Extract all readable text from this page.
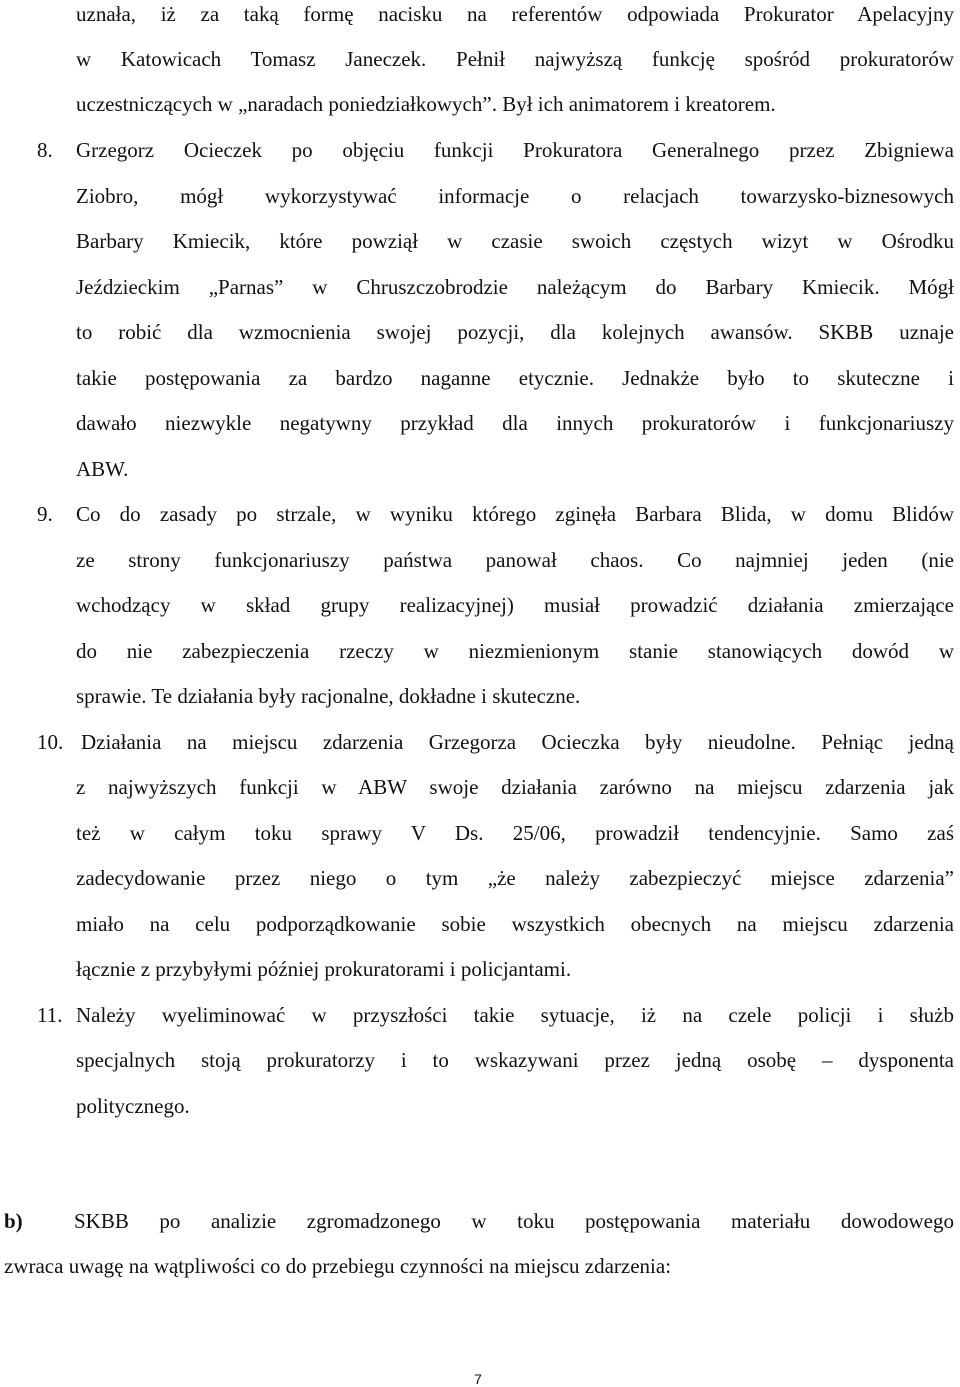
uznała, iż za taką formę nacisku na referentów odpowiada Prokurator Apelacyjny
w Katowicach Tomasz Janeczek. Pełnił najwyższą funkcję spośród prokuratorów
uczestniczących w „naradach poniedziałkowych”. Był ich animatorem i kreatorem.
8. Grzegorz Ocieczek po objęciu funkcji Prokuratora Generalnego przez Zbigniewa
Ziobro, mógł wykorzystywać informacje o relacjach towarzysko-biznesowych
Barbary Kmiecik, które powziął w czasie swoich częstych wizyt w Ośrodku
Jeździeckim „Parnas” w Chruszczobrodzie należącym do Barbary Kmiecik. Mógł
to robić dla wzmocnienia swojej pozycji, dla kolejnych awansów. SKBB uznaje
takie postępowania za bardzo naganne etycznie. Jednakże było to skuteczne i
dawało niezwykle negatywny przykład dla innych prokuratorów i funkcjonariuszy
ABW.
9. Co do zasady po strzale, w wyniku którego zginęła Barbara Blida, w domu Blidów
ze strony funkcjonariuszy państwa panował chaos. Co najmniej jeden (nie
wchodzący w skład grupy realizacyjnej) musiał prowadzić działania zmierzające
do nie zabezpieczenia rzeczy w niezmienionym stanie stanowiących dowód w
sprawie. Te działania były racjonalne, dokładne i skuteczne.
10. Działania na miejscu zdarzenia Grzegorza Ocieczka były nieudolne. Pełniąc jedną
z najwyższych funkcji w ABW swoje działania zarówno na miejscu zdarzenia jak
też w całym toku sprawy V Ds. 25/06, prowadził tendencyjnie. Samo zaś
zadecydowanie przez niego o tym „że należy zabezpieczyć miejsce zdarzenia”
miało na celu podporządkowanie sobie wszystkich obecnych na miejscu zdarzenia
łącznie z przybyłymi później prokuratorami i policjantami.
11. Należy wyeliminować w przyszłości takie sytuacje, iż na czele policji i służb
specjalnych stoją prokuratorzy i to wskazywani przez jedną osobę – dysponenta
politycznego.
b) SKBB po analizie zgromadzonego w toku postępowania materiału dowodowego
zwraca uwagę na wątpliwości co do przebiegu czynności na miejscu zdarzenia:
7
